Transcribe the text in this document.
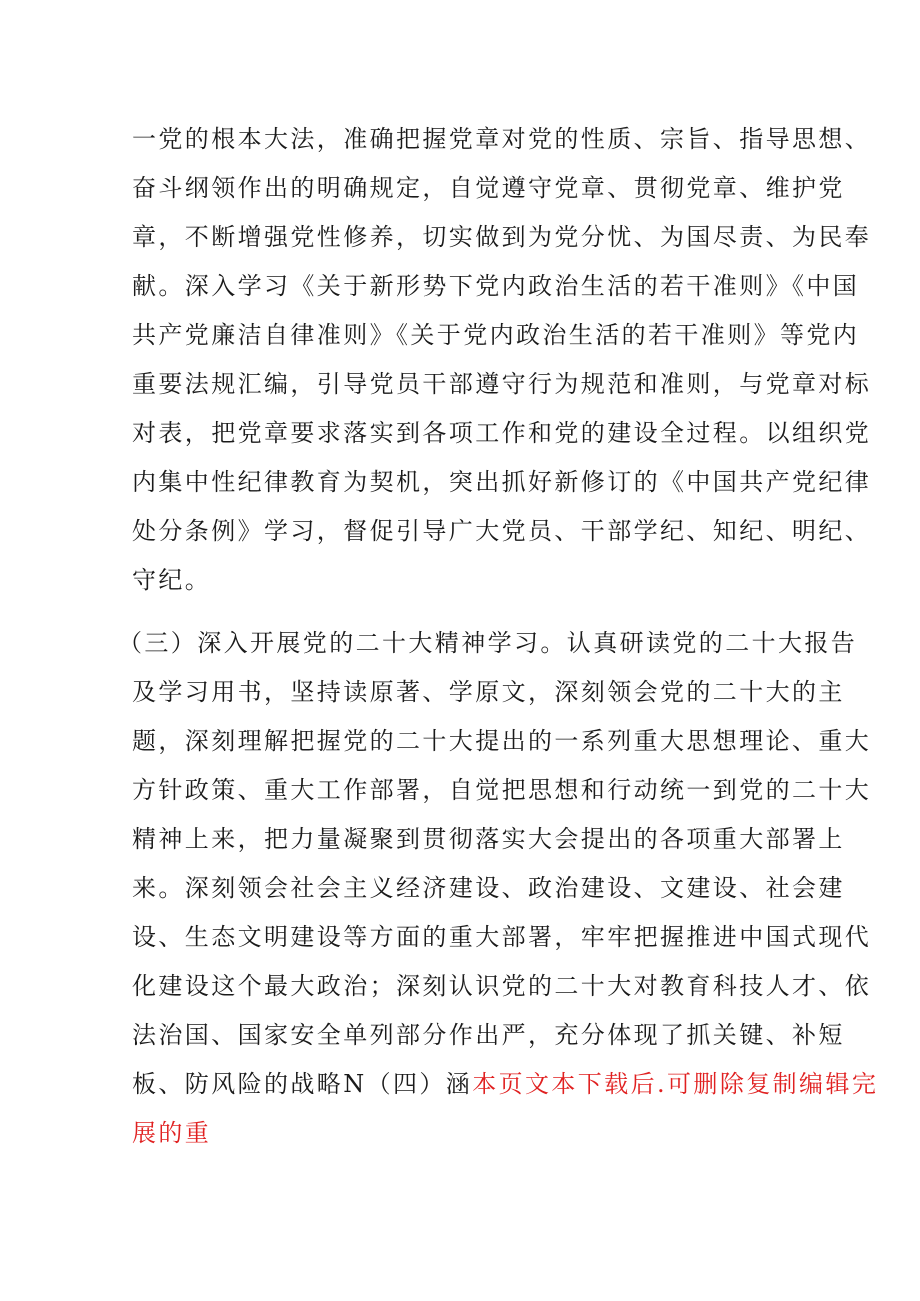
一党的根本大法，准确把握党章对党的性质、宗旨、指导思想、
奋斗纲领作出的明确规定，自觉遵守党章、贯彻党章、维护党
章，不断增强党性修养，切实做到为党分忧、为国尽责、为民奉
献。深入学习《关于新形势下党内政治生活的若干准则》《中国
共产党廉洁自律准则》《关于党内政治生活的若干准则》等党内
重要法规汇编，引导党员干部遵守行为规范和准则，与党章对标
对表，把党章要求落实到各项工作和党的建设全过程。以组织党
内集中性纪律教育为契机，突出抓好新修订的《中国共产党纪律
处分条例》学习，督促引导广大党员、干部学纪、知纪、明纪、
守纪。
（三）深入开展党的二十大精神学习。认真研读党的二十大报告
及学习用书，坚持读原著、学原文，深刻领会党的二十大的主
题，深刻理解把握党的二十大提出的一系列重大思想理论、重大
方针政策、重大工作部署，自觉把思想和行动统一到党的二十大
精神上来，把力量凝聚到贯彻落实大会提出的各项重大部署上
来。深刻领会社会主义经济建设、政治建设、文建设、社会建
设、生态文明建设等方面的重大部署，牢牢把握推进中国式现代
化建设这个最大政治；深刻认识党的二十大对教育科技人才、依
法治国、国家安全单列部分作出严，充分体现了抓关键、补短
板、防风险的战略N（四）涵本页文本下载后.可删除复制编辑完
展的重
